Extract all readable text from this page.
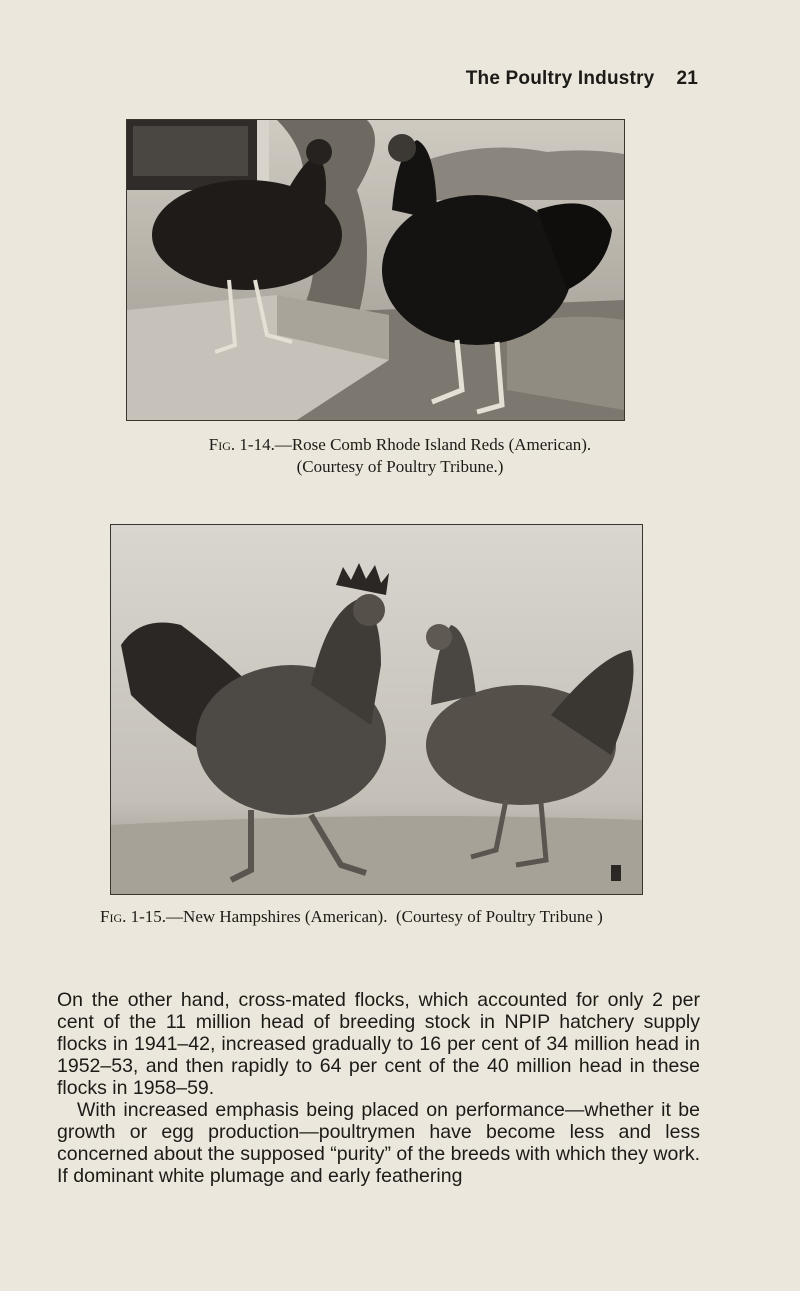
The Poultry Industry 21
Fig. 1-14.—Rose Comb Rhode Island Reds (American).
(Courtesy of Poultry Tribune.)
Fig. 1-15.—New Hampshires (American).  (Courtesy of Poultry Tribune )
On the other hand, cross-mated flocks, which accounted for only 2 per cent of the 11 million head of breeding stock in NPIP hatchery supply flocks in 1941–42, increased gradually to 16 per cent of 34 million head in 1952–53, and then rapidly to 64 per cent of the 40 million head in these flocks in 1958–59.
With increased emphasis being placed on performance—whether it be growth or egg production—poultrymen have become less and less concerned about the supposed “purity” of the breeds with which they work. If dominant white plumage and early feathering
